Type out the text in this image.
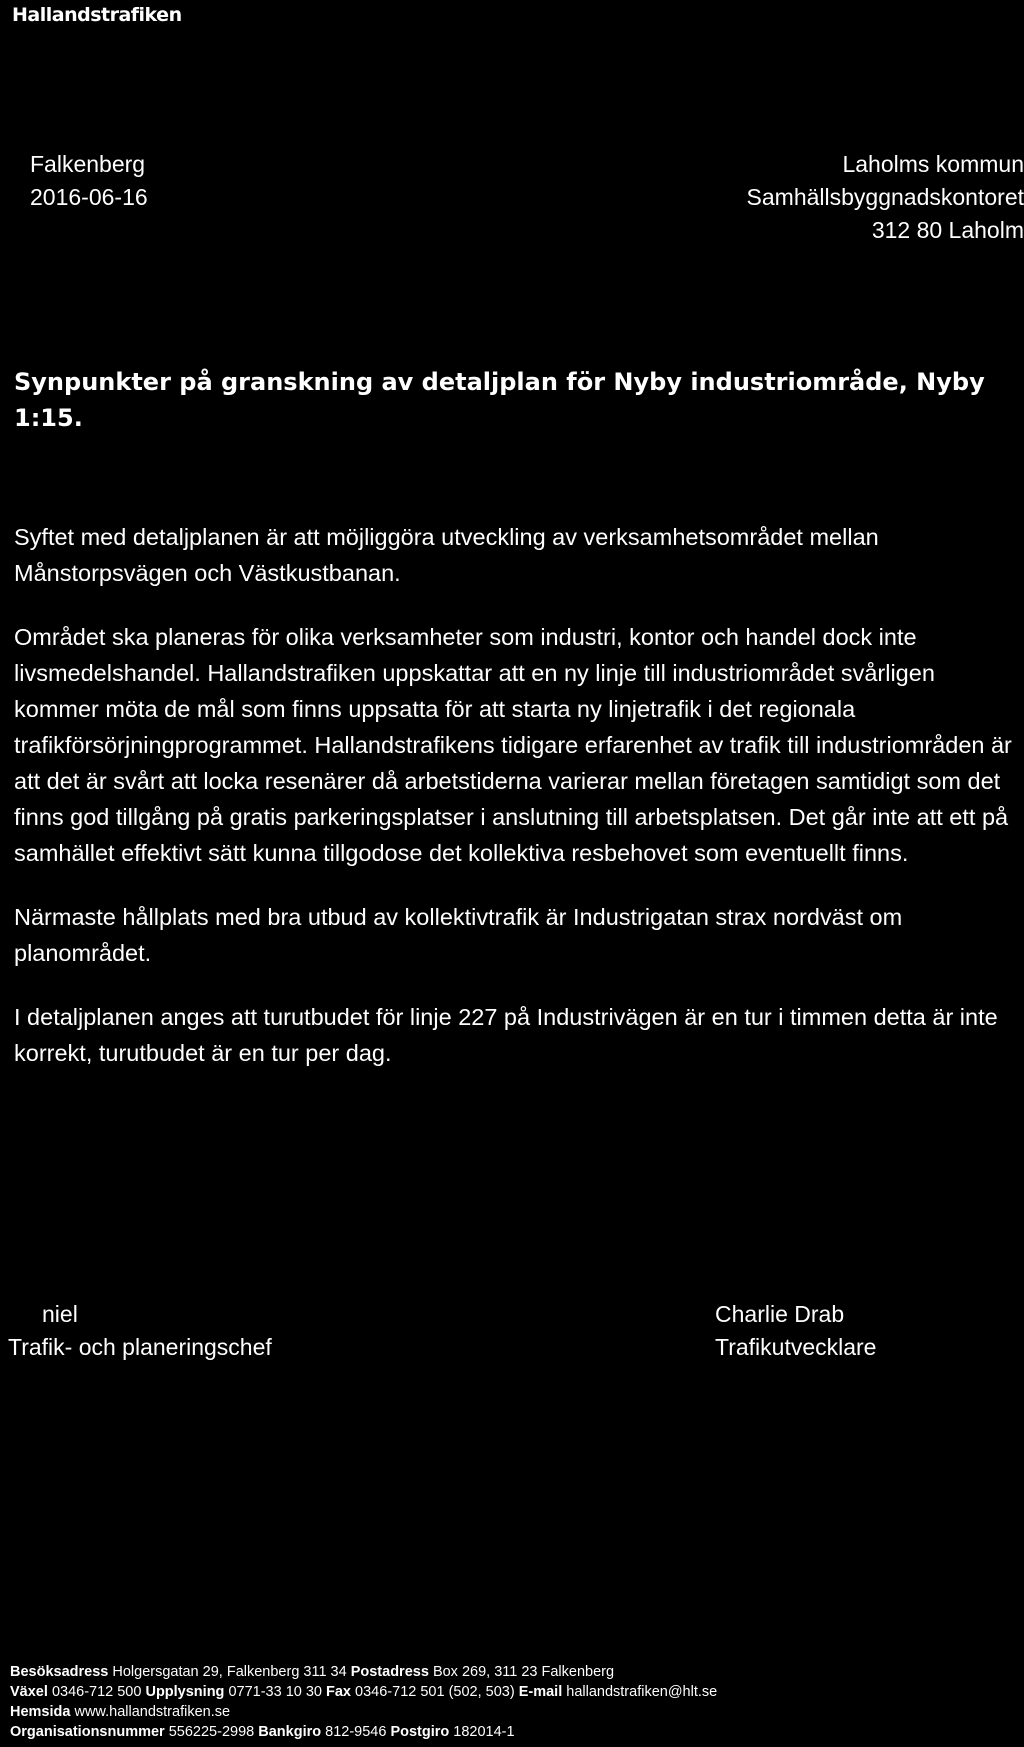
Hallandstrafiken
Falkenberg
2016-06-16
Laholms kommun
Samhällsbyggnadskontoret
312 80 Laholm
Synpunkter på granskning av detaljplan för Nyby industriområde, Nyby 1:15.

Syftet med detaljplanen är att möjliggöra utveckling av verksamhetsområdet mellan Månstorpsvägen och Västkustbanan.

Området ska planeras för olika verksamheter som industri, kontor och handel dock inte livsmedelshandel. Hallandstrafiken uppskattar att en ny linje till industriområdet svårligen kommer möta de mål som finns uppsatta för att starta ny linjetrafik i det regionala trafikförsörjningprogrammet. Hallandstrafikens tidigare erfarenhet av trafik till industriområden är att det är svårt att locka resenärer då arbetstiderna varierar mellan företagen samtidigt som det finns god tillgång på gratis parkeringsplatser i anslutning till arbetsplatsen. Det går inte att ett på samhället effektivt sätt kunna tillgodose det kollektiva resbehovet som eventuellt finns.

Närmaste hållplats med bra utbud av kollektivtrafik är Industrigatan strax nordväst om planområdet.

I detaljplanen anges att turutbudet för linje 227 på Industrivägen är en tur i timmen detta är inte korrekt, turutbudet är en tur per dag.

niel
Trafik- och planeringschef
Charlie Drab
Trafikutvecklare
Besöksadress Holgersgatan 29, Falkenberg 311 34 Postadress Box 269, 311 23 Falkenberg
Växel 0346-712 500 Upplysning 0771-33 10 30 Fax 0346-712 501 (502, 503) E-mail hallandstrafiken@hlt.se
Hemsida www.hallandstrafiken.se
Organisationsnummer 556225-2998 Bankgiro 812-9546 Postgiro 182014-1
